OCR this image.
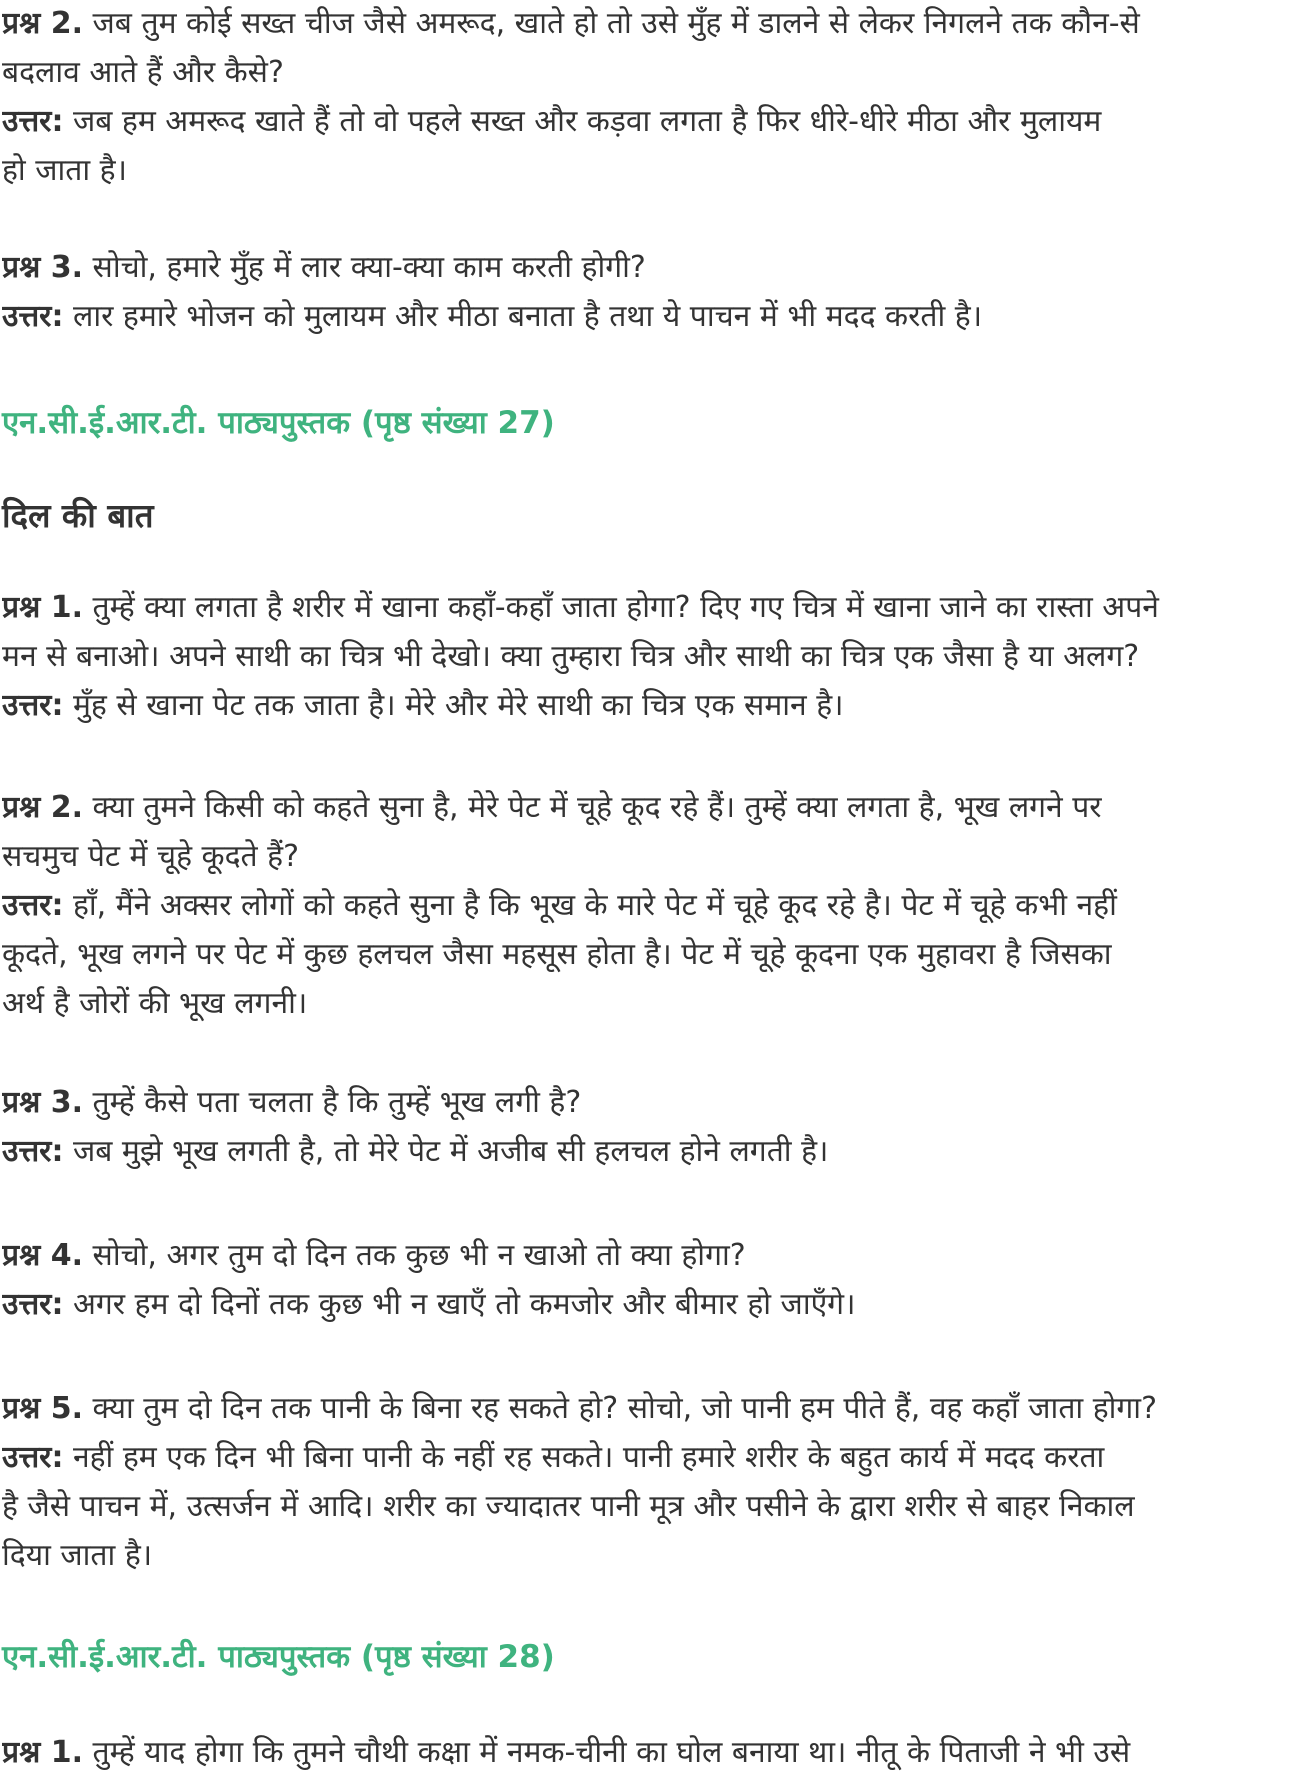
प्रश्न 2. जब तुम कोई सख्त चीज जैसे अमरूद, खाते हो तो उसे मुँह में डालने से लेकर निगलने तक कौन-से
बदलाव आते हैं और कैसे?
उत्तर: जब हम अमरूद खाते हैं तो वो पहले सख्त और कड़वा लगता है फिर धीरे-धीरे मीठा और मुलायम
हो जाता है।
प्रश्न 3. सोचो, हमारे मुँह में लार क्या-क्या काम करती होगी?
उत्तर: लार हमारे भोजन को मुलायम और मीठा बनाता है तथा ये पाचन में भी मदद करती है।
एन.सी.ई.आर.टी. पाठ्यपुस्तक (पृष्ठ संख्या 27)
दिल की बात
प्रश्न 1. तुम्हें क्या लगता है शरीर में खाना कहाँ-कहाँ जाता होगा? दिए गए चित्र में खाना जाने का रास्ता अपने
मन से बनाओ। अपने साथी का चित्र भी देखो। क्या तुम्हारा चित्र और साथी का चित्र एक जैसा है या अलग?
उत्तर: मुँह से खाना पेट तक जाता है। मेरे और मेरे साथी का चित्र एक समान है।
प्रश्न 2. क्या तुमने किसी को कहते सुना है, मेरे पेट में चूहे कूद रहे हैं। तुम्हें क्या लगता है, भूख लगने पर
सचमुच पेट में चूहे कूदते हैं?
उत्तर: हाँ, मैंने अक्सर लोगों को कहते सुना है कि भूख के मारे पेट में चूहे कूद रहे है। पेट में चूहे कभी नहीं
कूदते, भूख लगने पर पेट में कुछ हलचल जैसा महसूस होता है। पेट में चूहे कूदना एक मुहावरा है जिसका
अर्थ है जोरों की भूख लगनी।
प्रश्न 3. तुम्हें कैसे पता चलता है कि तुम्हें भूख लगी है?
उत्तर: जब मुझे भूख लगती है, तो मेरे पेट में अजीब सी हलचल होने लगती है।
प्रश्न 4. सोचो, अगर तुम दो दिन तक कुछ भी न खाओ तो क्या होगा?
उत्तर: अगर हम दो दिनों तक कुछ भी न खाएँ तो कमजोर और बीमार हो जाएँगे।
प्रश्न 5. क्या तुम दो दिन तक पानी के बिना रह सकते हो? सोचो, जो पानी हम पीते हैं, वह कहाँ जाता होगा?
उत्तर: नहीं हम एक दिन भी बिना पानी के नहीं रह सकते। पानी हमारे शरीर के बहुत कार्य में मदद करता
है जैसे पाचन में, उत्सर्जन में आदि। शरीर का ज्यादातर पानी मूत्र और पसीने के द्वारा शरीर से बाहर निकाल
दिया जाता है।
एन.सी.ई.आर.टी. पाठ्यपुस्तक (पृष्ठ संख्या 28)
प्रश्न 1. तुम्हें याद होगा कि तुमने चौथी कक्षा में नमक-चीनी का घोल बनाया था। नीतू के पिताजी ने भी उसे
